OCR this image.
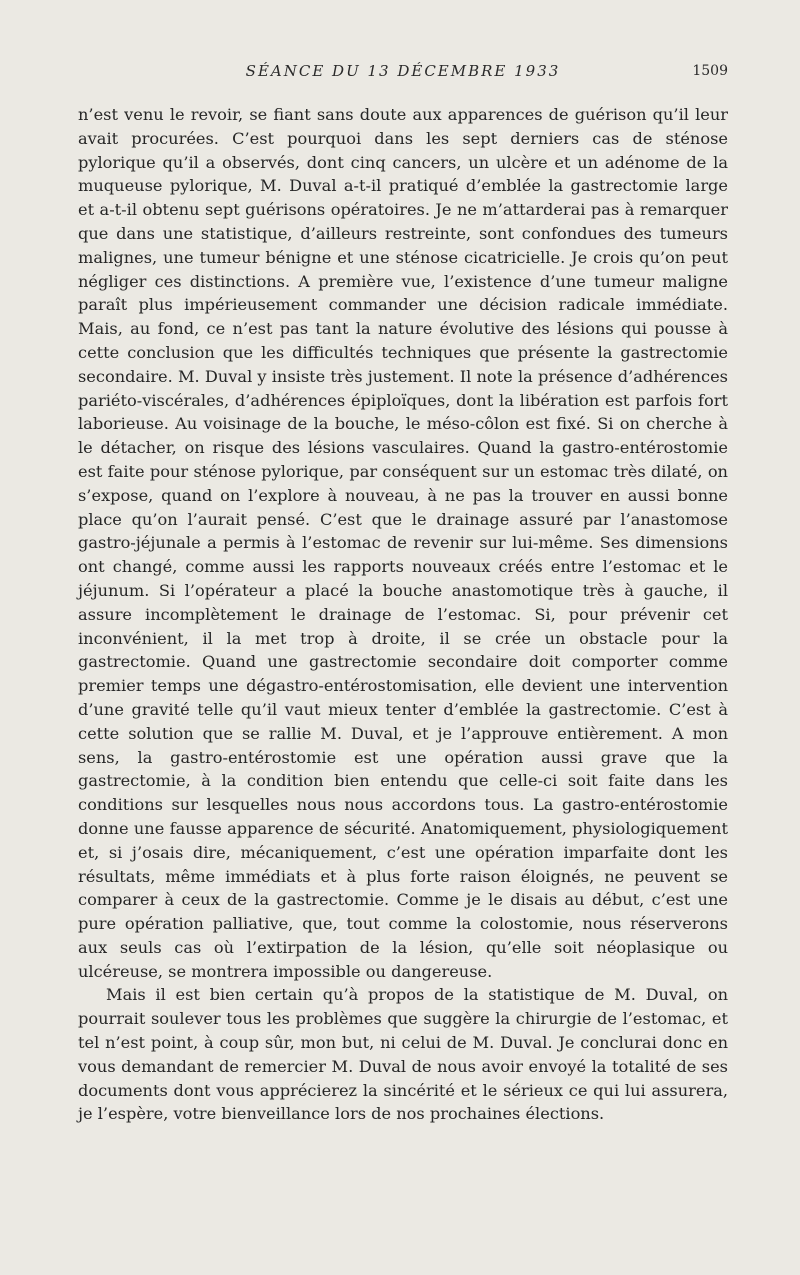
SÉANCE DU 13 DÉCEMBRE 1933	1509

n’est venu le revoir, se fiant sans doute aux apparences de guérison qu’il leur avait procurées. C’est pourquoi dans les sept derniers cas de sténose pylorique qu’il a observés, dont cinq cancers, un ulcère et un adénome de la muqueuse pylorique, M. Duval a-t-il pratiqué d’emblée la gastrectomie large et a-t-il obtenu sept guérisons opératoires. Je ne m’attarderai pas à remarquer que dans une statistique, d’ailleurs restreinte, sont confondues des tumeurs malignes, une tumeur bénigne et une sténose cicatricielle. Je crois qu’on peut négliger ces distinctions. A première vue, l’existence d’une tumeur maligne paraît plus impérieusement commander une décision radicale immédiate. Mais, au fond, ce n’est pas tant la nature évolutive des lésions qui pousse à cette conclusion que les difficultés techniques que présente la gastrectomie secondaire. M. Duval y insiste très justement. Il note la présence d’adhérences pariéto-viscérales, d’adhérences épiploïques, dont la libération est parfois fort laborieuse. Au voisinage de la bouche, le méso-côlon est fixé. Si on cherche à le détacher, on risque des lésions vasculaires. Quand la gastro-entérostomie est faite pour sténose pylorique, par conséquent sur un estomac très dilaté, on s’expose, quand on l’explore à nouveau, à ne pas la trouver en aussi bonne place qu’on l’aurait pensé. C’est que le drainage assuré par l’anastomose gastro-jéjunale a permis à l’estomac de revenir sur lui-même. Ses dimensions ont changé, comme aussi les rapports nouveaux créés entre l’estomac et le jéjunum. Si l’opérateur a placé la bouche anastomotique très à gauche, il assure incomplètement le drainage de l’estomac. Si, pour prévenir cet inconvénient, il la met trop à droite, il se crée un obstacle pour la gastrectomie. Quand une gastrectomie secondaire doit comporter comme premier temps une dégastro-entérostomisation, elle devient une intervention d’une gravité telle qu’il vaut mieux tenter d’emblée la gastrectomie. C’est à cette solution que se rallie M. Duval, et je l’approuve entièrement. A mon sens, la gastro-entérostomie est une opération aussi grave que la gastrectomie, à la condition bien entendu que celle-ci soit faite dans les conditions sur lesquelles nous nous accordons tous. La gastro-entérostomie donne une fausse apparence de sécurité. Anatomiquement, physiologiquement et, si j’osais dire, mécaniquement, c’est une opération imparfaite dont les résultats, même immédiats et à plus forte raison éloignés, ne peuvent se comparer à ceux de la gastrectomie. Comme je le disais au début, c’est une pure opération palliative, que, tout comme la colostomie, nous réserverons aux seuls cas où l’extirpation de la lésion, qu’elle soit néoplasique ou ulcéreuse, se montrera impossible ou dangereuse.

Mais il est bien certain qu’à propos de la statistique de M. Duval, on pourrait soulever tous les problèmes que suggère la chirurgie de l’estomac, et tel n’est point, à coup sûr, mon but, ni celui de M. Duval. Je conclurai donc en vous demandant de remercier M. Duval de nous avoir envoyé la totalité de ses documents dont vous apprécierez la sincérité et le sérieux ce qui lui assurera, je l’espère, votre bienveillance lors de nos prochaines élections.
